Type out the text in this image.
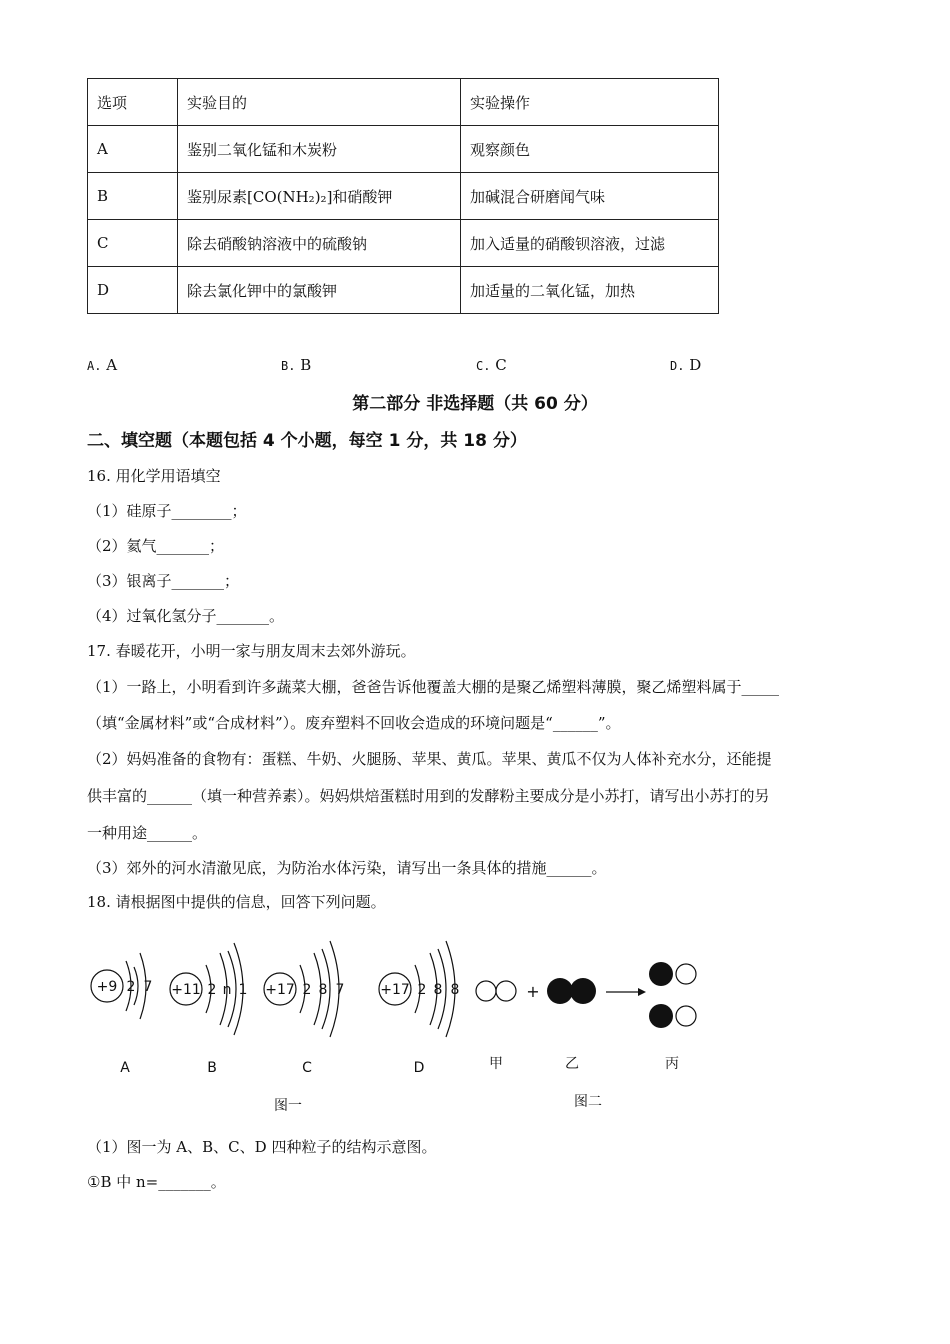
选项	实验目的	实验操作
A	鉴别二氧化锰和木炭粉	观察颜色
B	鉴别尿素[CO(NH₂)₂]和硝酸钾	加碱混合研磨闻气味
C	除去硝酸钠溶液中的硫酸钠	加入适量的硝酸钡溶液，过滤
D	除去氯化钾中的氯酸钾	加适量的二氧化锰，加热
A. A	B. B	C. C	D. D
第二部分 非选择题（共 60 分）
二、填空题（本题包括 4 个小题，每空 1 分，共 18 分）
16. 用化学用语填空
（1）硅原子________；
（2）氦气_______；
（3）银离子_______；
（4）过氧化氢分子_______。
17. 春暖花开，小明一家与朋友周末去郊外游玩。
（1）一路上，小明看到许多蔬菜大棚，爸爸告诉他覆盖大棚的是聚乙烯塑料薄膜，聚乙烯塑料属于_____
（填“金属材料”或“合成材料”）。废弃塑料不回收会造成的环境问题是“______”。
（2）妈妈准备的食物有：蛋糕、牛奶、火腿肠、苹果、黄瓜。苹果、黄瓜不仅为人体补充水分，还能提
供丰富的______（填一种营养素）。妈妈烘焙蛋糕时用到的发酵粉主要成分是小苏打，请写出小苏打的另
一种用途______。
（3）郊外的河水清澈见底，为防治水体污染，请写出一条具体的措施______。
18. 请根据图中提供的信息，回答下列问题。
+9 2 7 +11 2 n 1 +17 2 8 7	+17 2 8 8	+
A	B	C	D	甲	乙	丙
图一	图二
（1）图一为 A、B、C、D 四种粒子的结构示意图。
①B 中 n=_______。
